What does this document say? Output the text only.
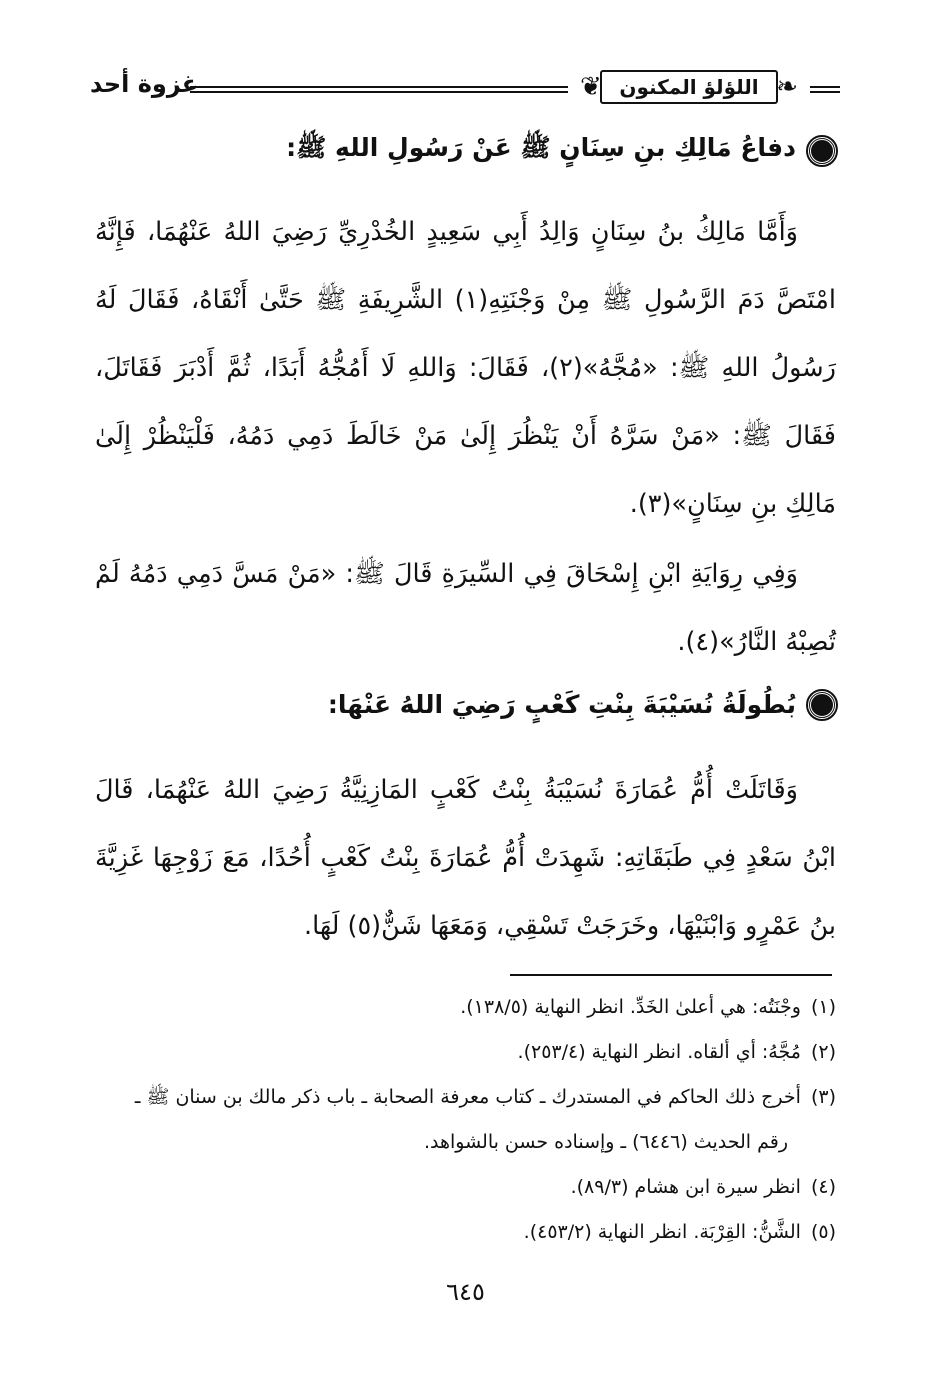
غزوة أحد	❦ اللؤلؤ المكنون ❧
دفاعُ مَالِكِ بنِ سِنَانٍ ﷺ عَنْ رَسُولِ اللهِ ﷺ:

وَأَمَّا مَالِكُ بنُ سِنَانٍ وَالِدُ أَبِي سَعِيدٍ الخُدْرِيِّ رَضِيَ اللهُ عَنْهُمَا، فَإِنَّهُ امْتَصَّ دَمَ الرَّسُولِ ﷺ مِنْ وَجْنَتِهِ(١) الشَّرِيفَةِ ﷺ حَتَّىٰ أَنْقَاهُ، فَقَالَ لَهُ رَسُولُ اللهِ ﷺ: «مُجَّهُ»(٢)، فَقَالَ: وَاللهِ لَا أَمُجُّهُ أَبَدًا، ثُمَّ أَدْبَرَ فَقَاتَلَ، فَقَالَ ﷺ: «مَنْ سَرَّهُ أَنْ يَنْظُرَ إِلَىٰ مَنْ خَالَطَ دَمِي دَمُهُ، فَلْيَنْظُرْ إِلَىٰ مَالِكِ بنِ سِنَانٍ»(٣).

وَفِي رِوَايَةِ ابْنِ إِسْحَاقَ فِي السِّيرَةِ قَالَ ﷺ: «مَنْ مَسَّ دَمِي دَمُهُ لَمْ تُصِبْهُ النَّارُ»(٤).

بُطُولَةُ نُسَيْبَةَ بِنْتِ كَعْبٍ رَضِيَ اللهُ عَنْهَا:

وَقَاتَلَتْ أُمُّ عُمَارَةَ نُسَيْبَةُ بِنْتُ كَعْبٍ المَازِنِيَّةُ رَضِيَ اللهُ عَنْهُمَا، قَالَ ابْنُ سَعْدٍ فِي طَبَقَاتِهِ: شَهِدَتْ أُمُّ عُمَارَةَ بِنْتُ كَعْبٍ أُحُدًا، مَعَ زَوْجِهَا غَزِيَّةَ بنُ عَمْرٍو وَابْنَيْهَا، وخَرَجَتْ تَسْقِي، وَمَعَهَا شَنٌّ(٥) لَهَا.

(١)
وجْنَتُه: هي أعلىٰ الخَدِّ. انظر النهاية (١٣٨/٥).
(٢)
مُجَّهُ: أي ألقاه. انظر النهاية (٢٥٣/٤).
(٣)
أخرج ذلك الحاكم في المستدرك ـ كتاب معرفة الصحابة ـ باب ذكر مالك بن سنان ﷺ ـ
رقم الحديث (٦٤٤٦) ـ وإسناده حسن بالشواهد.
(٤)
انظر سيرة ابن هشام (٨٩/٣).
(٥)
الشَّنُّ: القِرْبَة. انظر النهاية (٤٥٣/٢).
٦٤٥
